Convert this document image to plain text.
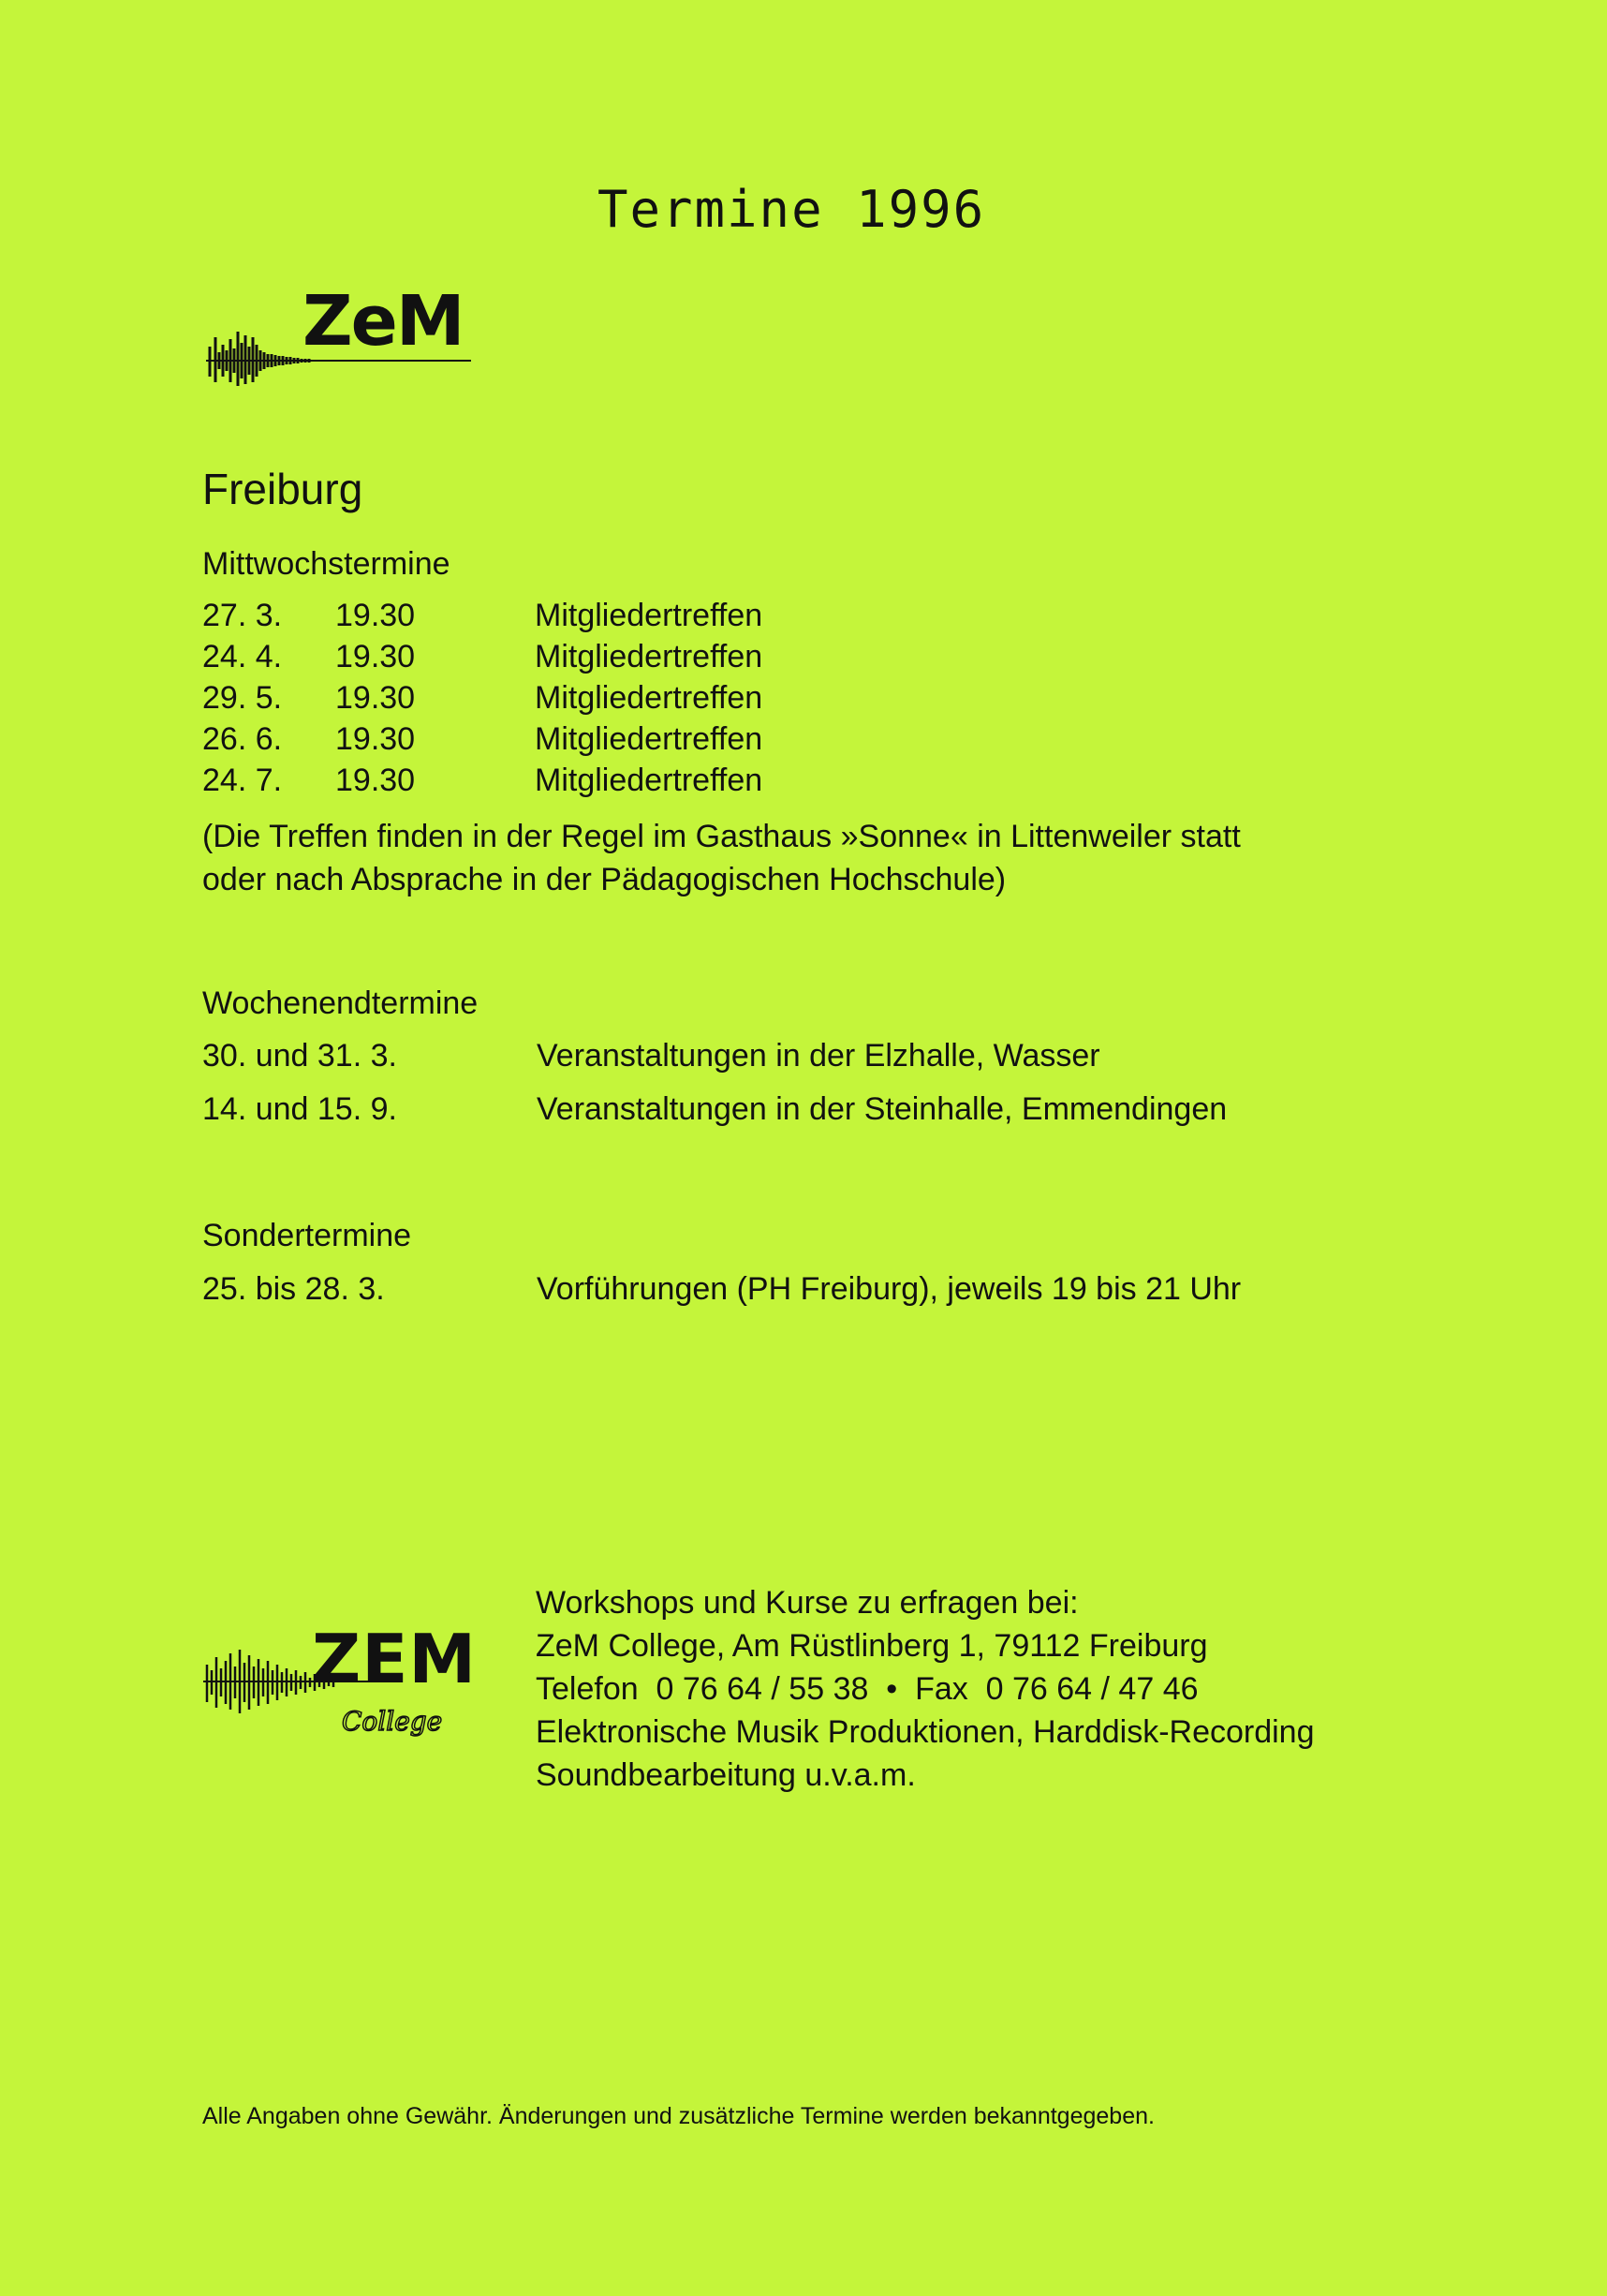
Termine 1996
ZeM
Freiburg
Mittwochstermine
27. 3. 19.30	Mitgliedertreffen
24. 4. 19.30	Mitgliedertreffen
29. 5. 19.30	Mitgliedertreffen
26. 6. 19.30	Mitgliedertreffen
24. 7. 19.30	Mitgliedertreffen
(Die Treffen finden in der Regel im Gasthaus »Sonne« in Littenweiler statt
oder nach Absprache in der Pädagogischen Hochschule)
Wochenendtermine
30. und 31. 3.	Veranstaltungen in der Elzhalle, Wasser
14. und 15. 9.	Veranstaltungen in der Steinhalle, Emmendingen
Sondertermine
25. bis 28. 3.	Vorführungen (PH Freiburg), jeweils 19 bis 21 Uhr
ZEM
College
Workshops und Kurse zu erfragen bei:
ZeM College, Am Rüstlinberg 1, 79112 Freiburg
Telefon  0 76 64 / 55 38  •  Fax  0 76 64 / 47 46
Elektronische Musik Produktionen, Harddisk-Recording
Soundbearbeitung u.v.a.m.
Alle Angaben ohne Gewähr. Änderungen und zusätzliche Termine werden bekanntgegeben.
